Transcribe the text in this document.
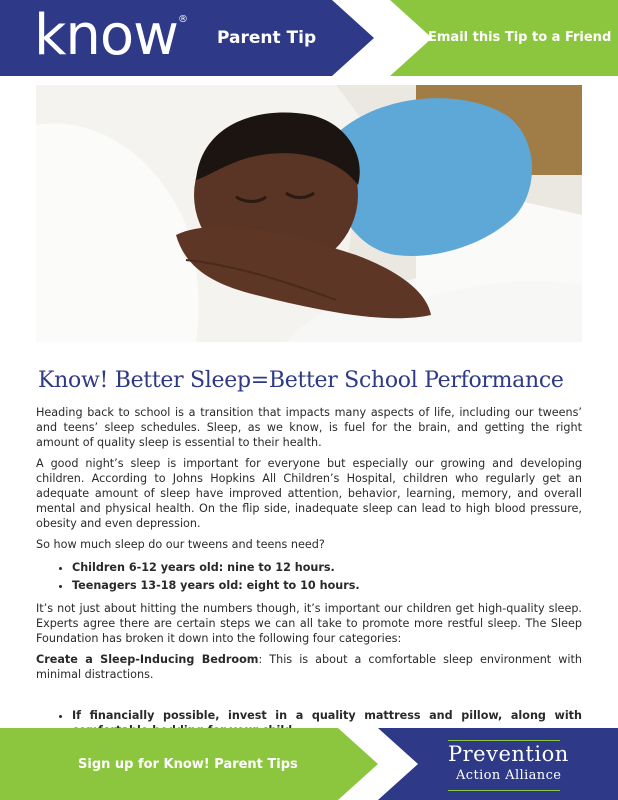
know ®
Parent Tip	Email this Tip to a Friend
Know! Better Sleep=Better School Performance

Heading back to school is a transition that impacts many aspects of life, including our tweens’ and teens’ sleep schedules. Sleep, as we know, is fuel for the brain, and getting the right amount of quality sleep is essential to their health.

A good night’s sleep is important for everyone but especially our growing and developing children. According to Johns Hopkins All Children’s Hospital, children who regularly get an adequate amount of sleep have improved attention, behavior, learning, memory, and overall mental and physical health. On the flip side, inadequate sleep can lead to high blood pressure, obesity and even depression.

So how much sleep do our tweens and teens need?

• Children 6-12 years old: nine to 12 hours.
• Teenagers 13-18 years old: eight to 10 hours.

It’s not just about hitting the numbers though, it’s important our children get high-quality sleep. Experts agree there are certain steps we can all take to promote more restful sleep. The Sleep Foundation has broken it down into the following four categories:

Create a Sleep-Inducing Bedroom: This is about a comfortable sleep environment with minimal distractions.

• If financially possible, invest in a quality mattress and pillow, along with
Sign up for Know! Parent Tips	Prevention
Action Alliance
